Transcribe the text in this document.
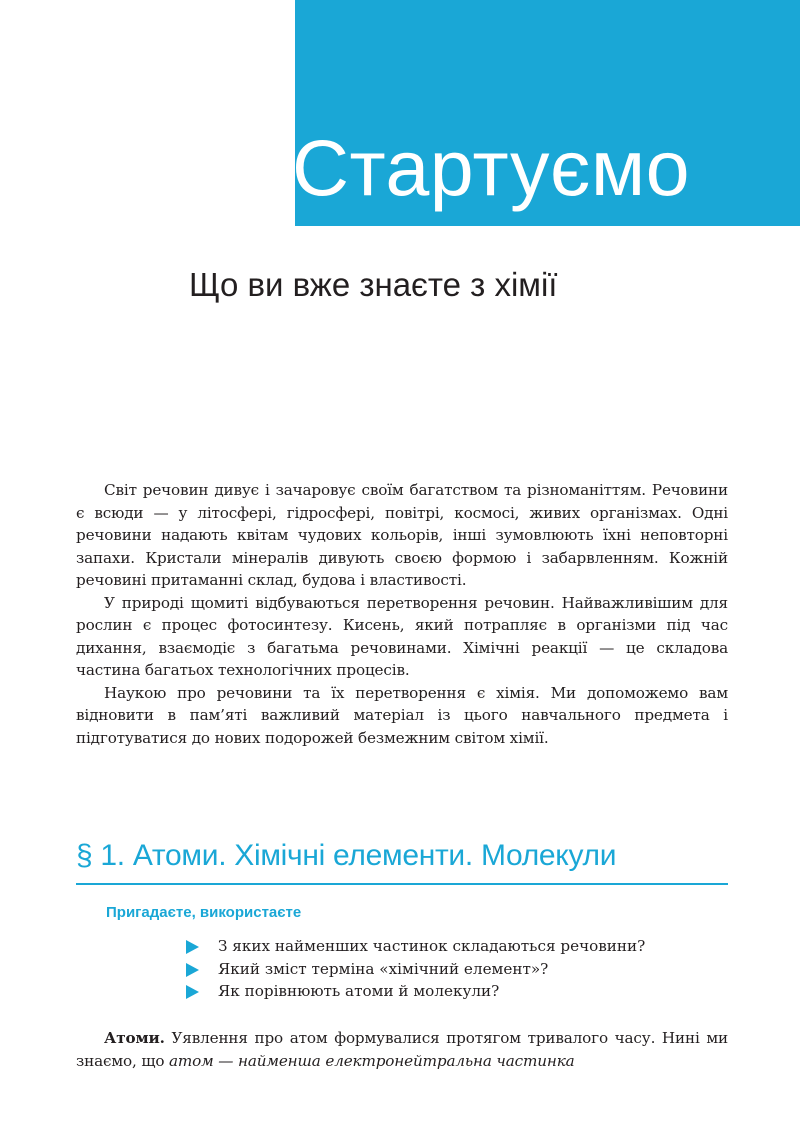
Стартуємо
Що ви вже знаєте з хімії

Світ речовин дивує і зачаровує своїм багатством та різноманіттям. Речовини є всюди — у літосфері, гідросфері, повітрі, космосі, живих організмах. Одні речовини надають квітам чудових кольорів, інші зумовлюють їхні неповторні запахи. Кристали мінералів дивують своєю формою і забарвленням. Кожній речовині притаманні склад, будова і властивості.

У природі щомиті відбуваються перетворення речовин. Найважливішим для рослин є процес фотосинтезу. Кисень, який потрапляє в організми під час дихання, взаємодіє з багатьма речовинами. Хімічні реакції — це складова частина багатьох технологічних процесів.

Наукою про речовини та їх перетворення є хімія. Ми допоможемо вам відновити в пам’яті важливий матеріал із цього навчального предмета і підготуватися до нових подорожей безмежним світом хімії.

§ 1. Атоми. Хімічні елементи. Молекули
Пригадаєте, використаєте
З яких найменших частинок складаються речовини?
Який зміст терміна «хімічний елемент»?
Як порівнюють атоми й молекули?

Атоми. Уявлення про атом формувалися протягом тривалого часу. Нині ми знаємо, що атом — найменша електронейтральна частинка
